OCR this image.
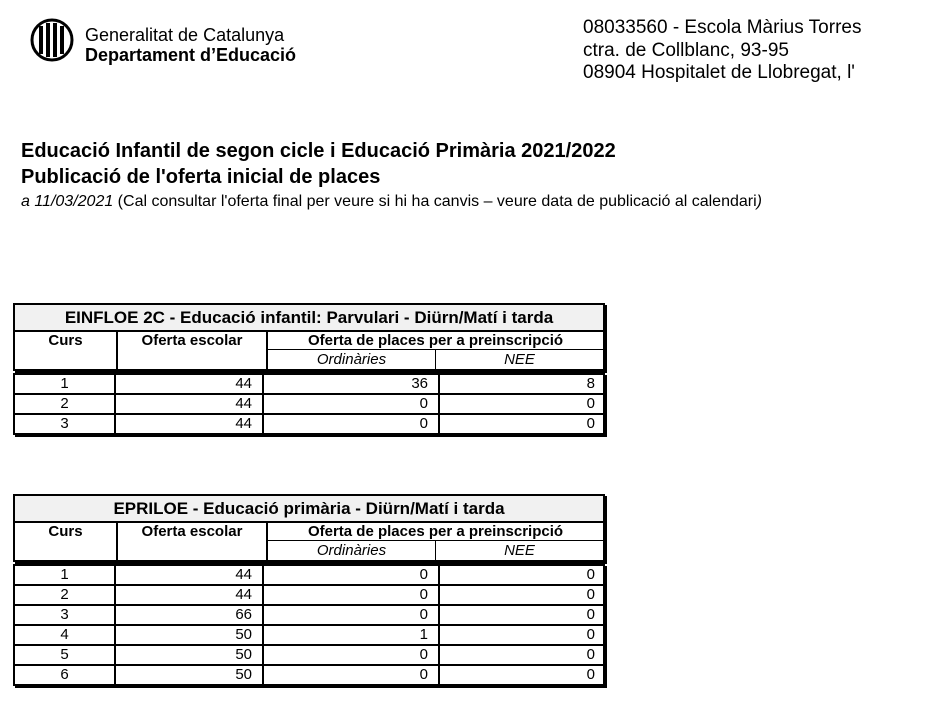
Generalitat de Catalunya
Departament d’Educació
08033560 - Escola Màrius Torres
ctra. de Collblanc, 93-95
08904 Hospitalet de Llobregat, l'
Educació Infantil de segon cicle i Educació Primària 2021/2022
Publicació de l'oferta inicial de places
a 11/03/2021 (Cal consultar l'oferta final per veure si hi ha canvis – veure data de publicació al calendari)
EINFLOE 2C - Educació infantil: Parvulari - Diürn/Matí i tarda
Curs	Oferta escolar	Oferta de places per a preinscripció
Ordinàries	NEE
1	44	36	8
2	44	0	0
3	44	0	0
EPRILOE - Educació primària - Diürn/Matí i tarda
Curs	Oferta escolar	Oferta de places per a preinscripció
Ordinàries	NEE
1	44	0	0
2	44	0	0
3	66	0	0
4	50	1	0
5	50	0	0
6	50	0	0
